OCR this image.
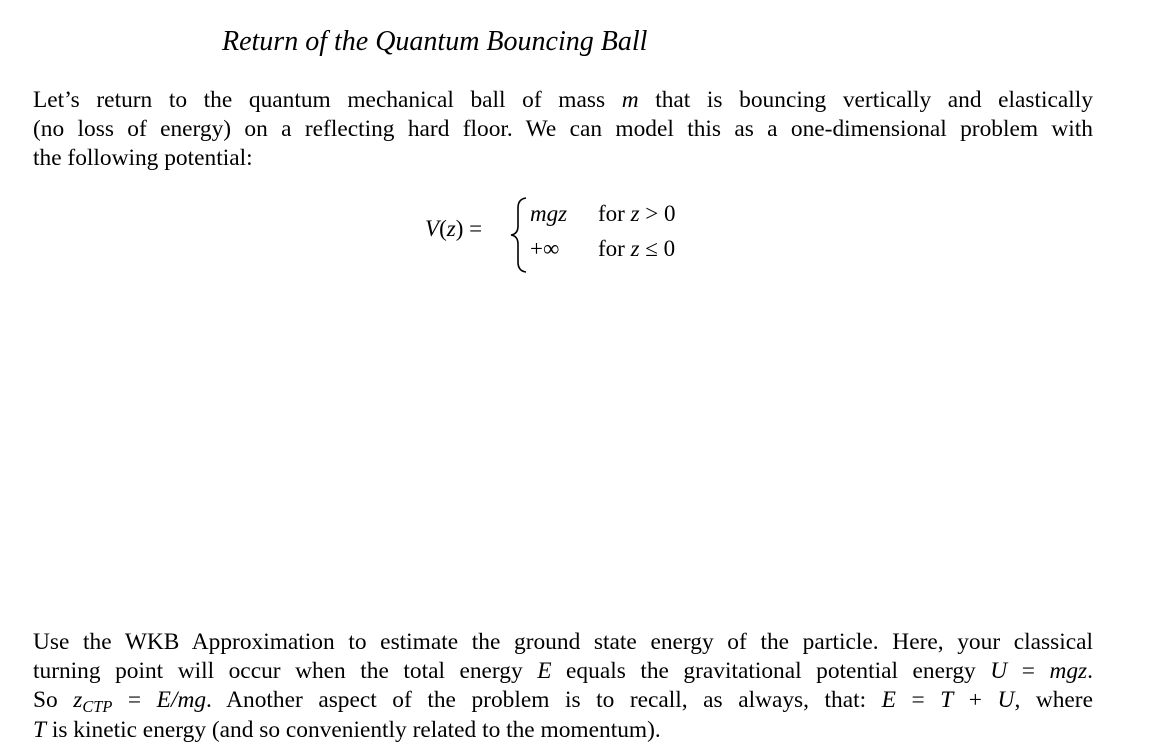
Return of the Quantum Bouncing Ball
Let’s return to the quantum mechanical ball of mass m that is bouncing vertically and elastically
(no loss of energy) on a reflecting hard floor. We can model this as a one-dimensional problem with
the following potential:
V(z) =
mgz for z > 0
+∞ for z ≤ 0
Use the WKB Approximation to estimate the ground state energy of the particle. Here, your classical
turning point will occur when the total energy E equals the gravitational potential energy U = mgz.
So $z_{CTP} = E/mg$. Another aspect of the problem is to recall, as always, that: E = T + U, where
T is kinetic energy (and so conveniently related to the momentum).
